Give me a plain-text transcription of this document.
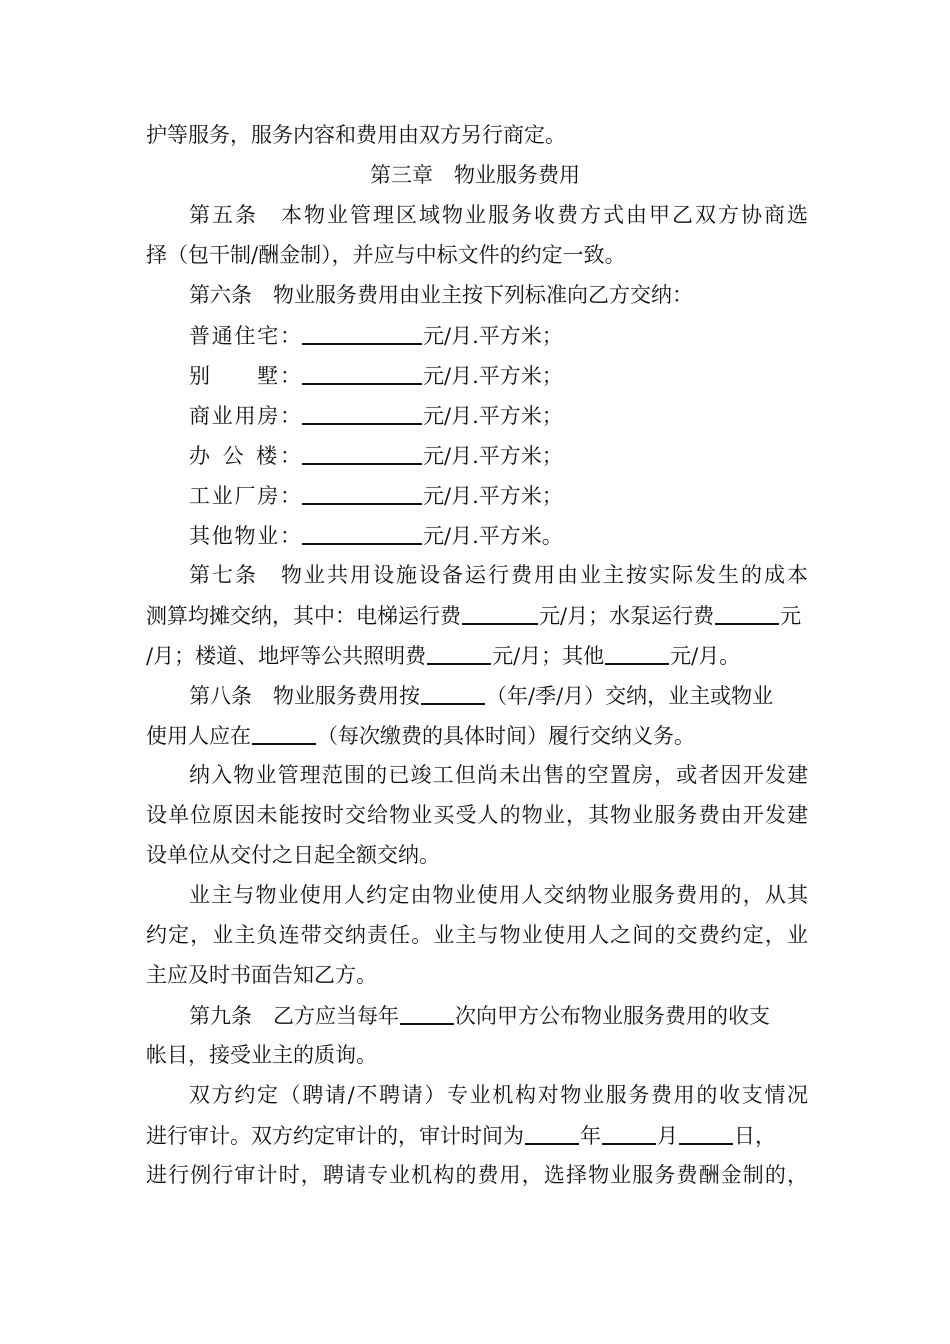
护等服务，服务内容和费用由双方另行商定。
第三章　物业服务费用
第五条　本物业管理区域物业服务收费方式由甲乙双方协商选
择（包干制/酬金制），并应与中标文件的约定一致。
第六条　物业服务费用由业主按下列标准向乙方交纳：
普通住宅：	元/月.平方米；
别　　墅：	元/月.平方米；
商业用房：	元/月.平方米；
办 公 楼：	元/月.平方米；
工业厂房：	元/月.平方米；
其他物业：	元/月.平方米。
第七条　物业共用设施设备运行费用由业主按实际发生的成本
测算均摊交纳，其中：电梯运行费	元/月；水泵运行费	元
/月；楼道、地坪等公共照明费	元/月；其他	元/月。
第八条　物业服务费用按	（年/季/月）交纳，业主或物业
使用人应在	（每次缴费的具体时间）履行交纳义务。
纳入物业管理范围的已竣工但尚未出售的空置房，或者因开发建
设单位原因未能按时交给物业买受人的物业，其物业服务费由开发建
设单位从交付之日起全额交纳。
业主与物业使用人约定由物业使用人交纳物业服务费用的，从其
约定，业主负连带交纳责任。业主与物业使用人之间的交费约定，业
主应及时书面告知乙方。
第九条　乙方应当每年	次向甲方公布物业服务费用的收支
帐目，接受业主的质询。
双方约定（聘请/不聘请）专业机构对物业服务费用的收支情况
进行审计。双方约定审计的，审计时间为	年	月	日，
进行例行审计时，聘请专业机构的费用，选择物业服务费酬金制的，
